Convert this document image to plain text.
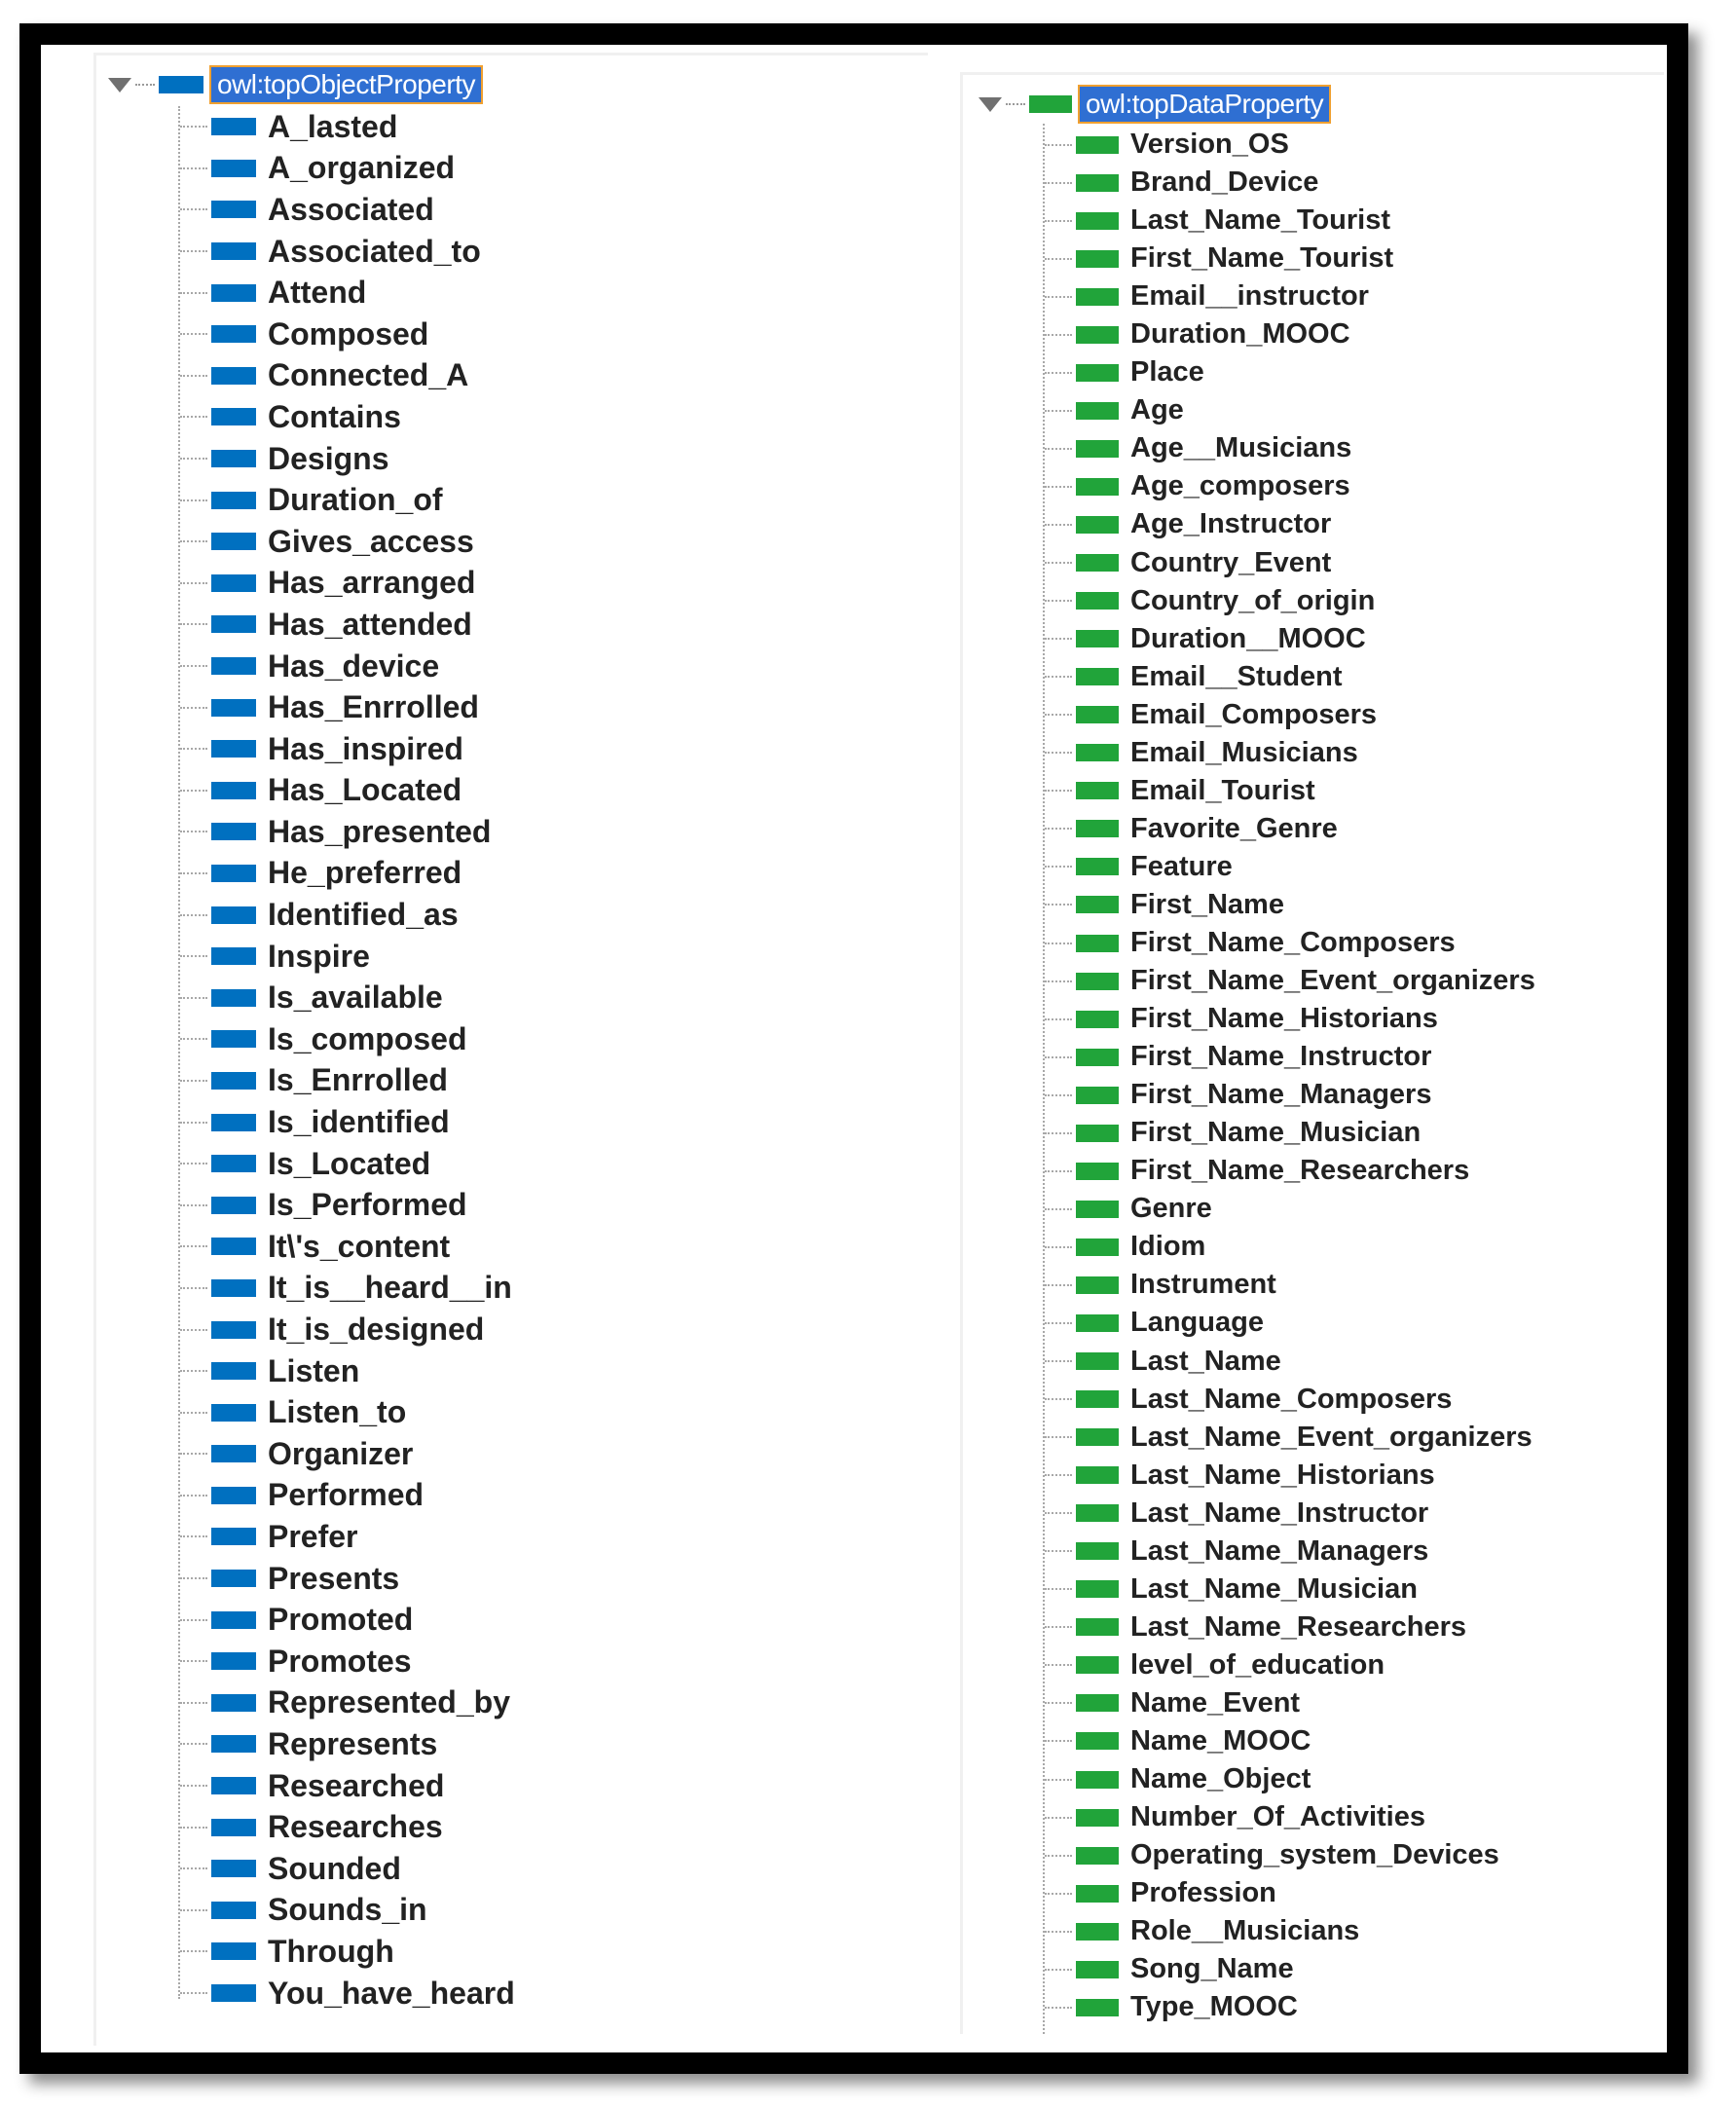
owl:topObjectProperty
A_lasted
A_organized
Associated
Associated_to
Attend
Composed
Connected_A
Contains
Designs
Duration_of
Gives_access
Has_arranged
Has_attended
Has_device
Has_Enrrolled
Has_inspired
Has_Located
Has_presented
He_preferred
Identified_as
Inspire
Is_available
Is_composed
Is_Enrrolled
Is_identified
Is_Located
Is_Performed
It\'s_content
It_is__heard__in
It_is_designed
Listen
Listen_to
Organizer
Performed
Prefer
Presents
Promoted
Promotes
Represented_by
Represents
Researched
Researches
Sounded
Sounds_in
Through
You_have_heard
owl:topDataProperty
Version_OS
Brand_Device
Last_Name_Tourist
First_Name_Tourist
Email__instructor
Duration_MOOC
Place
Age
Age__Musicians
Age_composers
Age_Instructor
Country_Event
Country_of_origin
Duration__MOOC
Email__Student
Email_Composers
Email_Musicians
Email_Tourist
Favorite_Genre
Feature
First_Name
First_Name_Composers
First_Name_Event_organizers
First_Name_Historians
First_Name_Instructor
First_Name_Managers
First_Name_Musician
First_Name_Researchers
Genre
Idiom
Instrument
Language
Last_Name
Last_Name_Composers
Last_Name_Event_organizers
Last_Name_Historians
Last_Name_Instructor
Last_Name_Managers
Last_Name_Musician
Last_Name_Researchers
level_of_education
Name_Event
Name_MOOC
Name_Object
Number_Of_Activities
Operating_system_Devices
Profession
Role__Musicians
Song_Name
Type_MOOC
